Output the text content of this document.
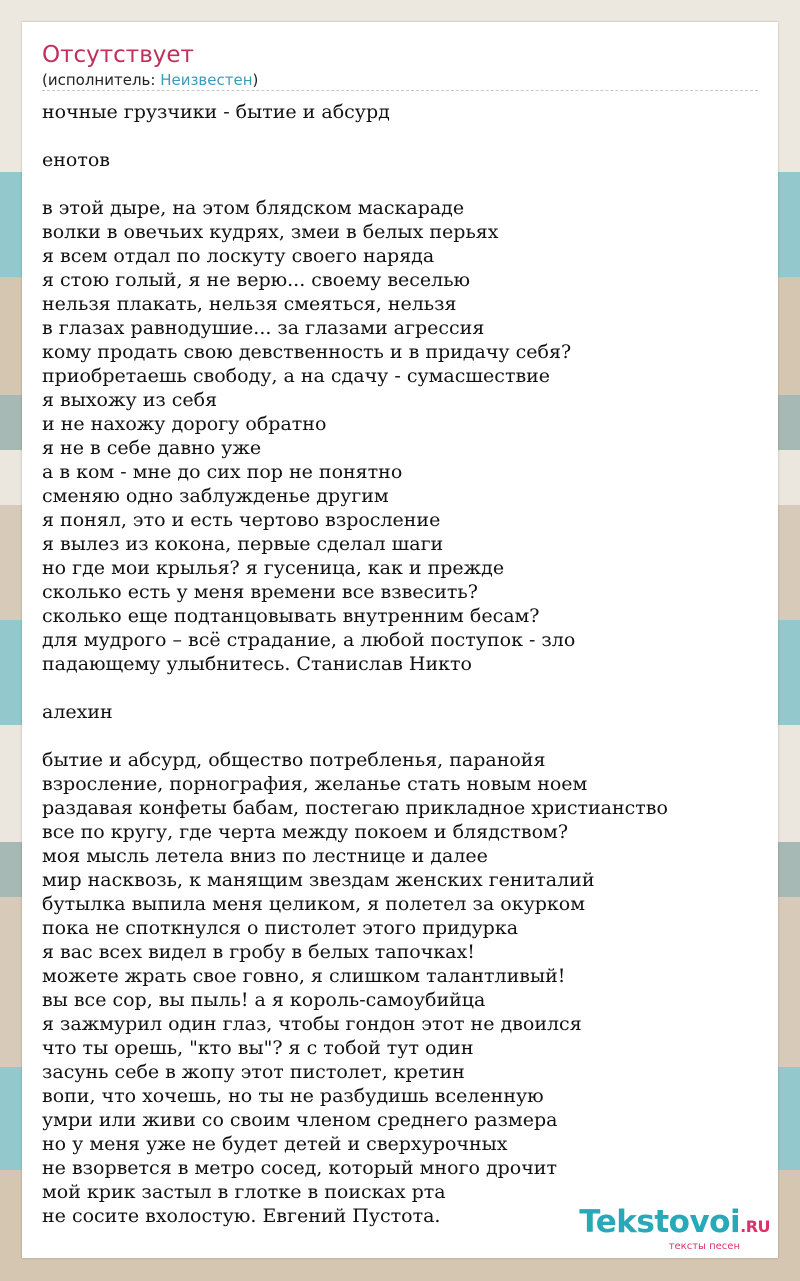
Отсутствует
(исполнитель: Неизвестен)
ночные грузчики - бытие и абсурд
енотов
в этой дыре, на этом блядском маскараде
волки в овечьих кудрях, змеи в белых перьях
я всем отдал по лоскуту своего наряда
я стою голый, я не верю... своему веселью
нельзя плакать, нельзя смеяться, нельзя
в глазах равнодушие... за глазами агрессия
кому продать свою девственность и в придачу себя?
приобретаешь свободу, а на сдачу - сумасшествие
я выхожу из себя
и не нахожу дорогу обратно
я не в себе давно уже
а в ком - мне до сих пор не понятно
сменяю одно заблужденье другим
я понял, это и есть чертово взросление
я вылез из кокона, первые сделал шаги
но где мои крылья? я гусеница, как и прежде
сколько есть у меня времени все взвесить?
сколько еще подтанцовывать внутренним бесам?
для мудрого – всё страдание, а любой поступок - зло
падающему улыбнитесь. Станислав Никто
алехин
бытие и абсурд, общество потребленья, паранойя
взросление, порнография, желанье стать новым ноем
раздавая конфеты бабам, постегаю прикладное христианство
все по кругу, где черта между покоем и блядством?
моя мысль летела вниз по лестнице и далее
мир насквозь, к манящим звездам женских гениталий
бутылка выпила меня целиком, я полетел за окурком
пока не споткнулся о пистолет этого придурка
я вас всех видел в гробу в белых тапочках!
можете жрать свое говно, я слишком талантливый!
вы все сор, вы пыль! а я король-самоубийца
я зажмурил один глаз, чтобы гондон этот не двоился
что ты орешь, "кто вы"? я с тобой тут один
засунь себе в жопу этот пистолет, кретин
вопи, что хочешь, но ты не разбудишь вселенную
умри или живи со своим членом среднего размера
но у меня уже не будет детей и сверхурочных
не взорвется в метро сосед, который много дрочит
мой крик застыл в глотке в поисках рта
не сосите вхолостую. Евгений Пустота.	Tekstovoi.RU
тексты песен
